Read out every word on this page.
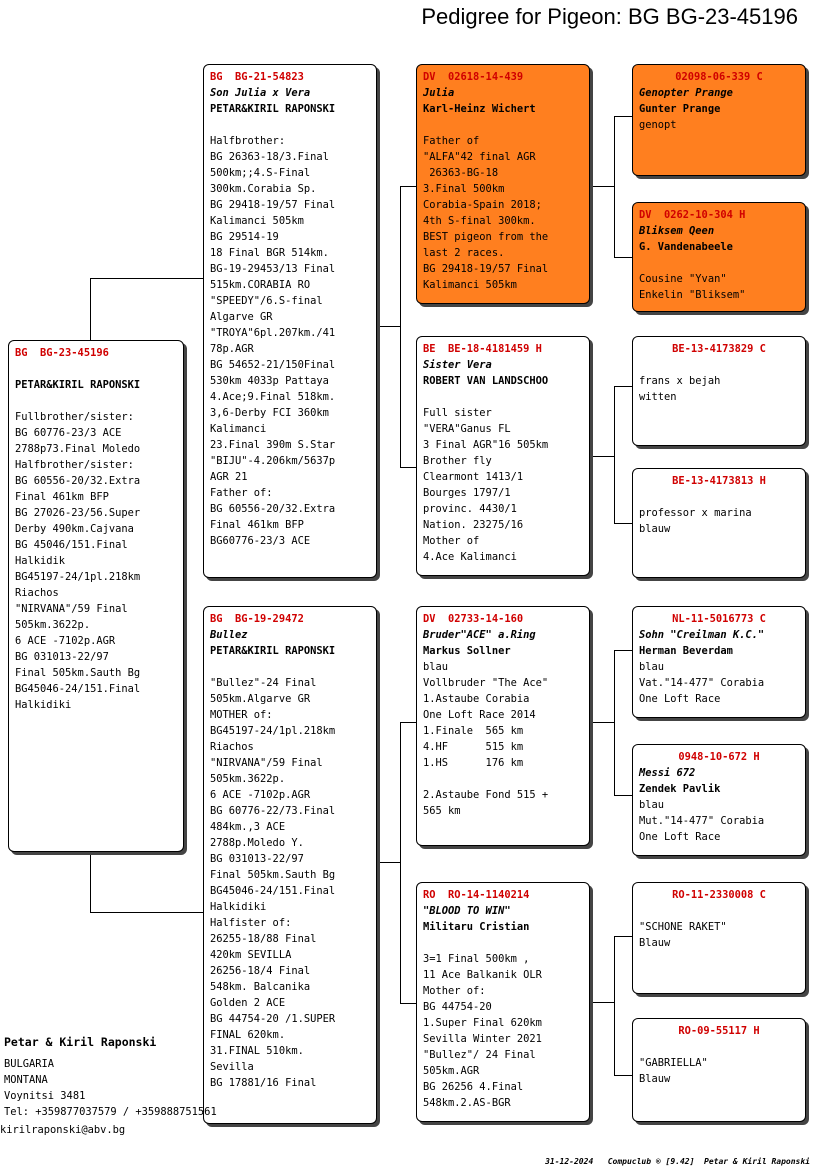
Pedigree for Pigeon: BG BG-23-45196
BG  BG-23-45196

PETAR&KIRIL RAPONSKI
Fullbrother/sister:
BG 60776-23/3 ACE
2788p73.Final Moledo
Halfbrother/sister:
BG 60556-20/32.Extra
Final 461km BFP
BG 27026-23/56.Super
Derby 490km.Cajvana
BG 45046/151.Final
Halkidik
BG45197-24/1pl.218km
Riachos
"NIRVANA"/59 Final
505km.3622p.
6 ACE -7102p.AGR
BG 031013-22/97
Final 505km.Sauth Bg
BG45046-24/151.Final
Halkidiki
BG  BG-21-54823
Son Julia x Vera
PETAR&KIRIL RAPONSKI
Halfbrother:
BG 26363-18/3.Final
500km;;4.S-Final
300km.Corabia Sp.
BG 29418-19/57 Final
Kalimanci 505km
BG 29514-19
18 Final BGR 514km.
BG-19-29453/13 Final
515km.CORABIA RO
"SPEEDY"/6.S-final
Algarve GR
"TROYA"6pl.207km./41
78p.AGR
BG 54652-21/150Final
530km 4033p Pattaya
4.Ace;9.Final 518km.
3,6-Derby FCI 360km
Kalimanci
23.Final 390m S.Star
"BIJU"-4.206km/5637p
AGR 21
Father of:
BG 60556-20/32.Extra
Final 461km BFP
BG60776-23/3 ACE
BG  BG-19-29472
Bullez
PETAR&KIRIL RAPONSKI
"Bullez"-24 Final
505km.Algarve GR
MOTHER of:
BG45197-24/1pl.218km
Riachos
"NIRVANA"/59 Final
505km.3622p.
6 ACE -7102p.AGR
BG 60776-22/73.Final
484km.,3 ACE
2788p.Moledo Y.
BG 031013-22/97
Final 505km.Sauth Bg
BG45046-24/151.Final
Halkidiki
Halfister of:
26255-18/88 Final
420km SEVILLA
26256-18/4 Final
548km. Balcanika
Golden 2 ACE
BG 44754-20 /1.SUPER
FINAL 620km.
31.FINAL 510km.
Sevilla
BG 17881/16 Final
DV  02618-14-439
Julia
Karl-Heinz Wichert
Father of
"ALFA"42 final AGR
26363-BG-18
3.Final 500km
Corabia-Spain 2018;
4th S-final 300km.
BEST pigeon from the
last 2 races.
BG 29418-19/57 Final
Kalimanci 505km
BE  BE-18-4181459 H
Sister Vera
ROBERT VAN LANDSCHOO
Full sister
"VERA"Ganus FL
3 Final AGR"16 505km
Brother fly
Clearmont 1413/1
Bourges 1797/1
provinc. 4430/1
Nation. 23275/16
Mother of
4.Ace Kalimanci
DV  02733-14-160
Bruder"ACE" a.Ring
Markus Sollner
blau
Vollbruder "The Ace"
1.Astaube Corabia
One Loft Race 2014
1.Finale  565 km
4.HF      515 km
1.HS      176 km
2.Astaube Fond 515 +
565 km
RO  RO-14-1140214
"BLOOD TO WIN"
Militaru Cristian
3=1 Final 500km ,
11 Ace Balkanik OLR
Mother of:
BG 44754-20
1.Super Final 620km
Sevilla Winter 2021
"Bullez"/ 24 Final
505km.AGR
BG 26256 4.Final
548km.2.AS-BGR
02098-06-339 C
Genopter Prange
Gunter Prange
genopt
DV  0262-10-304 H
Bliksem Qeen
G. Vandenabeele
Cousine "Yvan"
Enkelin "Bliksem"
BE-13-4173829 C
frans x bejah
witten
BE-13-4173813 H
professor x marina
blauw
NL-11-5016773 C
Sohn "Creilman K.C."
Herman Beverdam
blau
Vat."14-477" Corabia
One Loft Race
0948-10-672 H
Messi 672
Zendek Pavlik
blau
Mut."14-477" Corabia
One Loft Race
RO-11-2330008 C
"SCHONE RAKET"
Blauw
RO-09-55117 H
"GABRIELLA"
Blauw
Petar & Kiril Raponski
BULGARIA
MONTANA
Voynitsi 3481
Tel: +359877037579 / +359888751561
kirilraponski@abv.bg
31-12-2024   Compuclub ® [9.42]  Petar & Kiril Raponski
